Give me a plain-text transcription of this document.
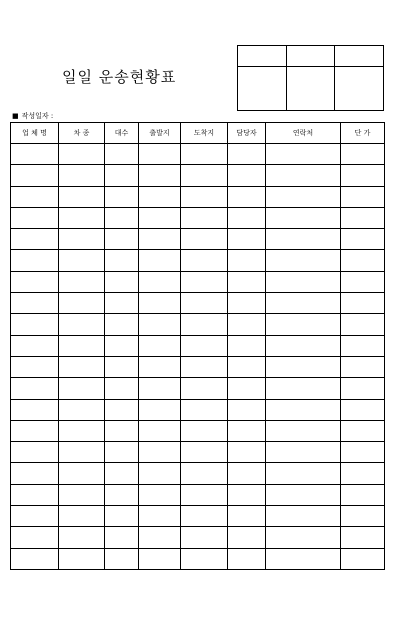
일일 운송현황표

■ 작성일자 :
업 체 명	차 종	대수	출발지	도착지	담당자	연락처	단 가
